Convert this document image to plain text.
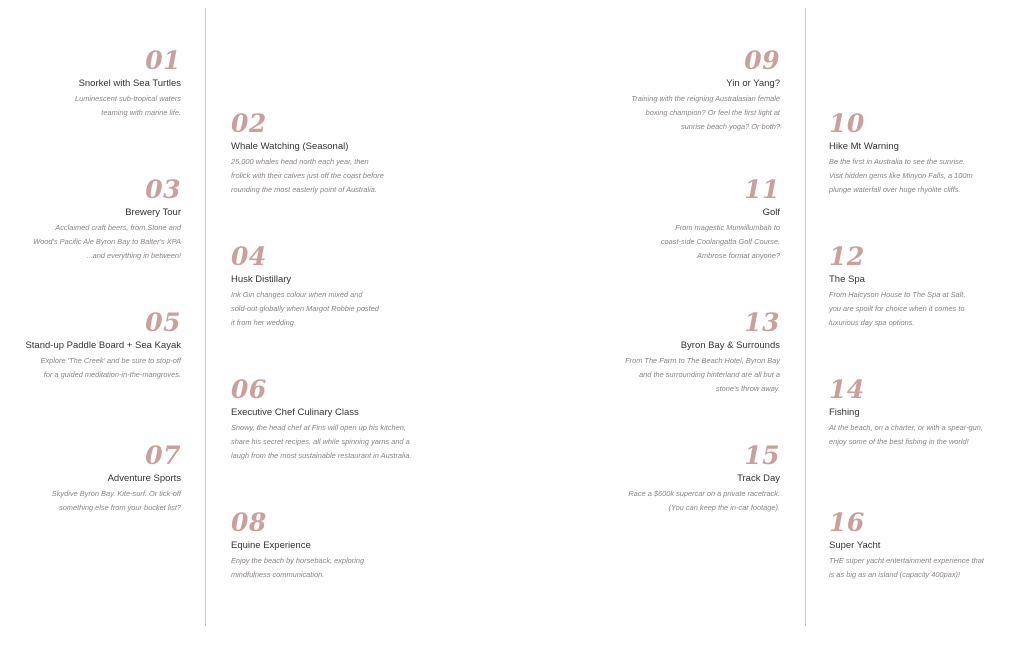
01
Snorkel with Sea Turtles
Luminescent sub-tropical waters
teaming with marine life.
03
Brewery Tour
Acclaimed craft beers, from Stone and
Wood's Pacific Ale Byron Bay to Balter's XPA
...and everything in between!
05
Stand-up Paddle Board + Sea Kayak
Explore 'The Creek' and be sure to stop-off
for a guided meditation-in-the-mangroves.
07
Adventure Sports
Skydive Byron Bay. Kite-surf. Or tick-off
something else from your bucket list?
02
Whale Watching (Seasonal)
25,000 whales head north each year, then
frolick with their calves just off the coast before
rounding the most easterly point of Australia.
04
Husk Distillary
Ink Gin changes colour when mixed and
sold-out globally when Margot Robbie posted
it from her wedding.
06
Executive Chef Culinary Class
Snowy, the head chef at Fins will open up his kitchen,
share his secret recipes, all while spinning yarns and a
laugh from the most sustainable restaurant in Australia.
08
Equine Experience
Enjoy the beach by horseback, exploring
mindfulness communication.
09
Yin or Yang?
Training with the reigning Australasian female
boxing champion? Or feel the first light at
sunrise beach yoga? Or both?
11
Golf
From magestic Murwillumbah to
coast-side Coolangatta Golf Course.
Ambrose format anyone?
13
Byron Bay & Surrounds
From The Farm to The Beach Hotel, Byron Bay
and the surrounding hinterland are all but a
stone's throw away.
15
Track Day
Race a $600k supercar on a private racetrack.
(You can keep the in-car footage).
10
Hike Mt Warning
Be the first in Australia to see the sunrise.
Visit hidden gems like Minyon Falls, a 100m
plunge waterfall over huge rhyolite cliffs.
12
The Spa
From Halcyson House to The Spa at Salt,
you are spoilt for choice when it comes to
luxurious day spa options.
14
Fishing
At the beach, on a charter, or with a spear-gun,
enjoy some of the best fishing in the world!
16
Super Yacht
THE super yacht entertainment experience that
is as big as an island (capacity 400pax)!
